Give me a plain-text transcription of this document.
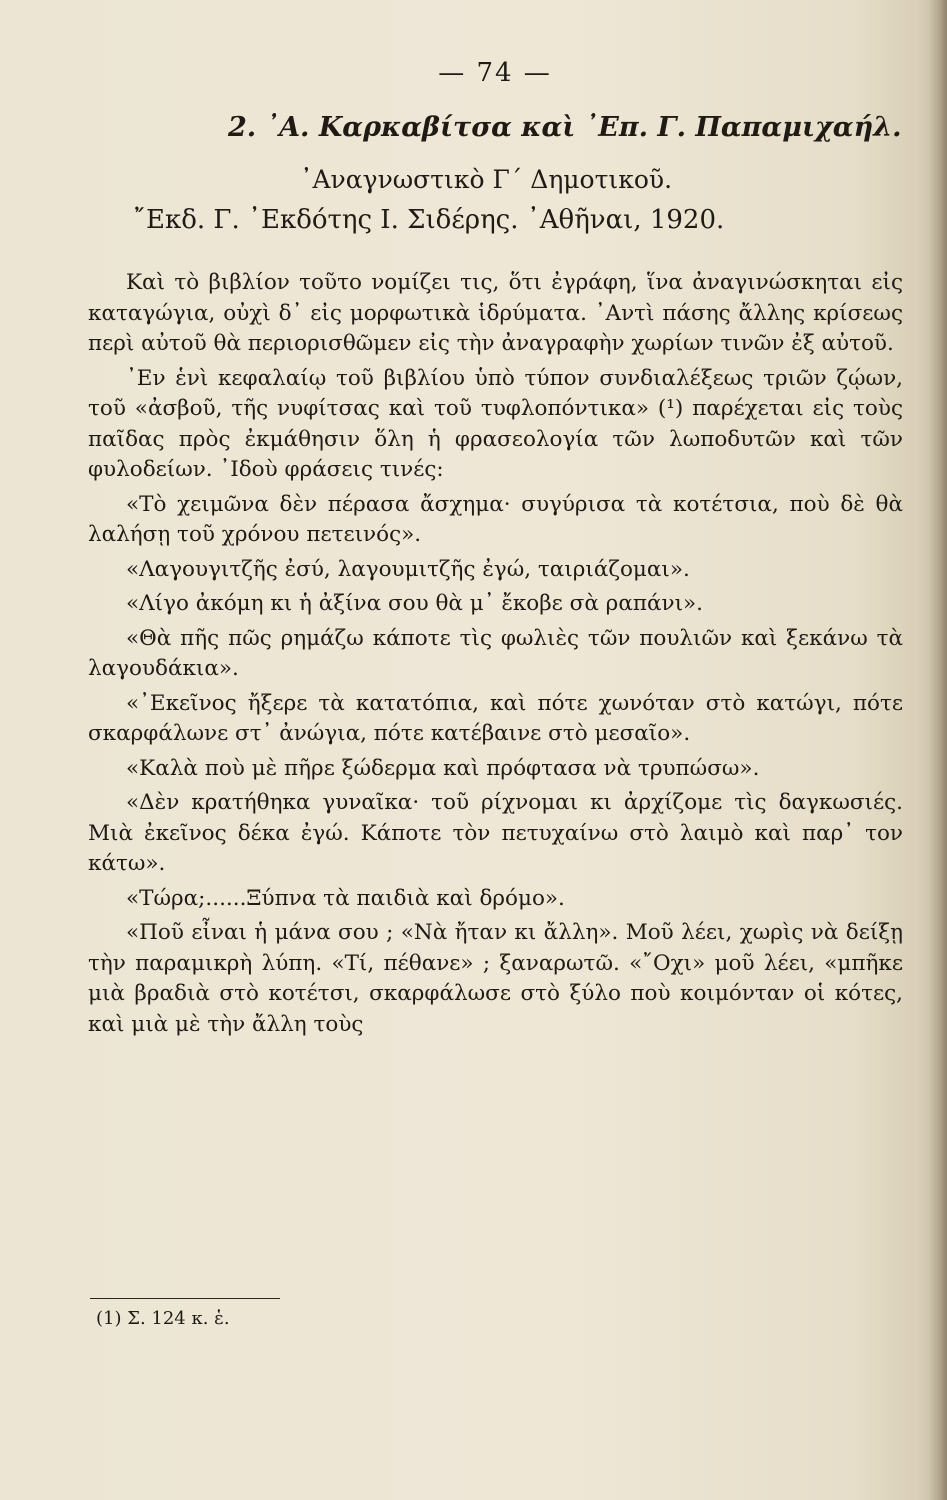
— 74 —
2. ᾿Α. Καρκαβίτσα καὶ ᾿Επ. Γ. Παπαμιχαήλ.
᾿Αναγνωστικὸ Γ΄ Δημοτικοῦ.
῎Εκδ. Γ. ᾿Εκδότης Ι. Σιδέρης. ᾿Αθῆναι, 1920.

Καὶ τὸ βιβλίον τοῦτο νομίζει τις, ὅτι ἐγράφη, ἵνα ἀναγινώσκηται εἰς καταγώγια, οὐχὶ δ᾿ εἰς μορφωτικὰ ἱδρύματα. ᾿Αντὶ πάσης ἄλλης κρίσεως περὶ αὐτοῦ θὰ περιορισθῶμεν εἰς τὴν ἀναγραφὴν χωρίων τινῶν ἐξ αὐτοῦ.

᾿Εν ἑνὶ κεφαλαίῳ τοῦ βιβλίου ὑπὸ τύπον συνδιαλέξεως τριῶν ζῴων, τοῦ «ἀσβοῦ, τῆς νυφίτσας καὶ τοῦ τυφλοπόντικα» (¹) παρέχεται εἰς τοὺς παῖδας πρὸς ἐκμάθησιν ὅλη ἡ φρασεολογία τῶν λωποδυτῶν καὶ τῶν φυλοδείων. ᾿Ιδοὺ φράσεις τινές:

«Τὸ χειμῶνα δὲν πέρασα ἄσχημα· συγύρισα τὰ κοτέτσια, ποὺ δὲ θὰ λαλήσῃ τοῦ χρόνου πετεινός».

«Λαγουγιτζῆς ἐσύ, λαγουμιτζῆς ἐγώ, ταιριάζομαι».

«Λίγο ἀκόμη κι ἡ ἀξίνα σου θὰ μ᾿ ἔκοβε σὰ ραπάνι».

«Θὰ πῆς πῶς ρημάζω κάποτε τὶς φωλιὲς τῶν πουλιῶν καὶ ξεκάνω τὰ λαγουδάκια».

«᾿Εκεῖνος ἤξερε τὰ κατατόπια, καὶ πότε χωνόταν στὸ κατώγι, πότε σκαρφάλωνε στ᾿ ἀνώγια, πότε κατέβαινε στὸ μεσαῖο».

«Καλὰ ποὺ μὲ πῆρε ξώδερμα καὶ πρόφτασα νὰ τρυπώσω».

«Δὲν κρατήθηκα γυναῖκα· τοῦ ρίχνομαι κι ἀρχίζομε τὶς δαγκωσιές. Μιὰ ἐκεῖνος δέκα ἐγώ. Κάποτε τὸν πετυχαίνω στὸ λαιμὸ καὶ παρ᾿ τον κάτω».

«Τώρα;......Ξύπνα τὰ παιδιὰ καὶ δρόμο».

«Ποῦ εἶναι ἡ μάνα σου ; «Νὰ ἤταν κι ἄλλη». Μοῦ λέει, χωρὶς νὰ δείξῃ τὴν παραμικρὴ λύπη. «Τί, πέθανε» ; ξαναρωτῶ. «῎Οχι» μοῦ λέει, «μπῆκε μιὰ βραδιὰ στὸ κοτέτσι, σκαρφάλωσε στὸ ξύλο ποὺ κοιμόνταν οἱ κότες, καὶ μιὰ μὲ τὴν ἄλλη τοὺς

(1) Σ. 124 κ. ἑ.
